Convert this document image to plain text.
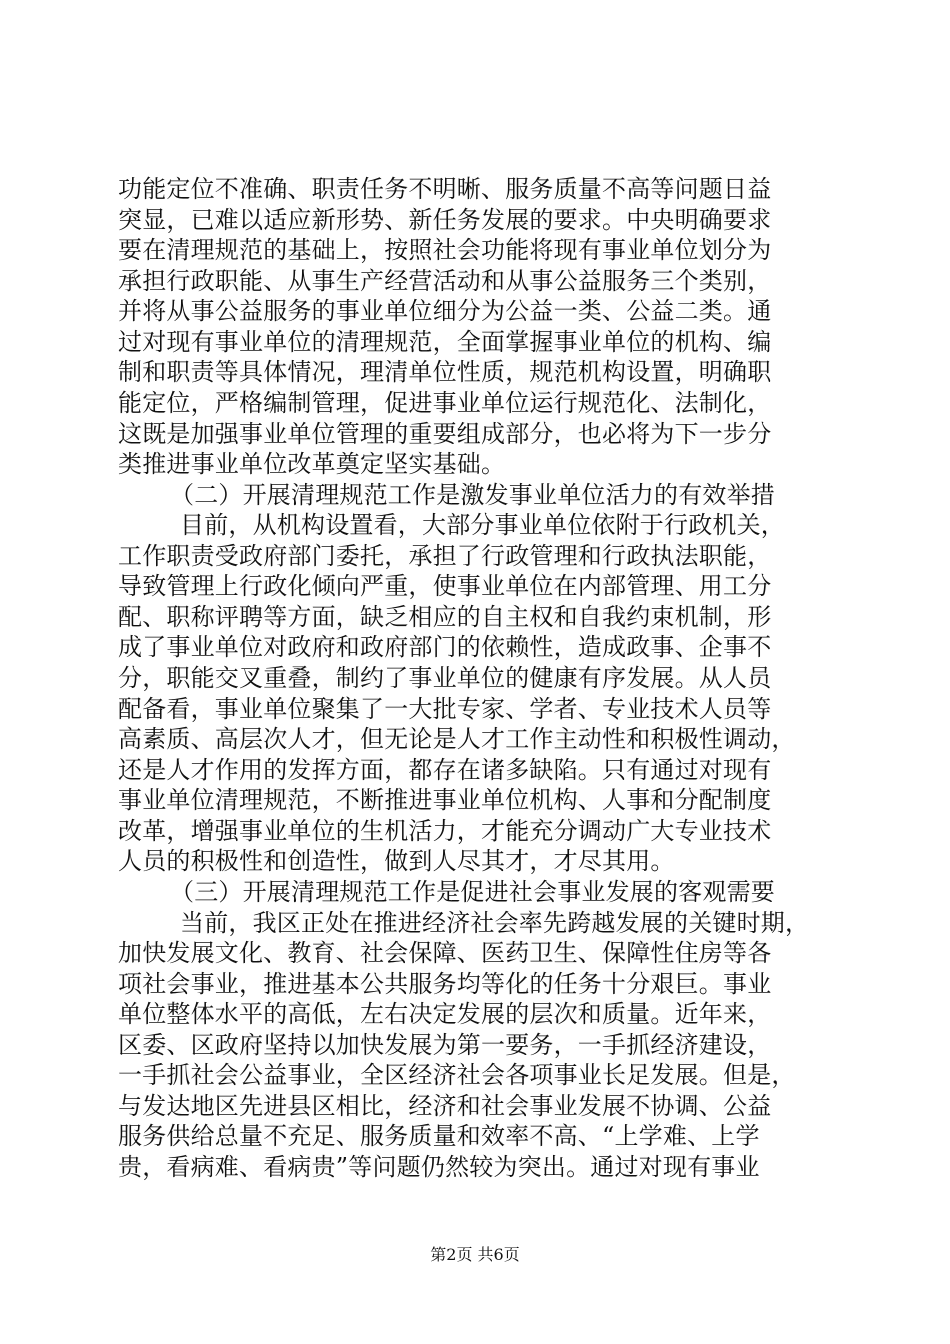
功能定位不准确、职责任务不明晰、服务质量不高等问题日益
突显，已难以适应新形势、新任务发展的要求。中央明确要求
要在清理规范的基础上，按照社会功能将现有事业单位划分为
承担行政职能、从事生产经营活动和从事公益服务三个类别，
并将从事公益服务的事业单位细分为公益一类、公益二类。通
过对现有事业单位的清理规范，全面掌握事业单位的机构、编
制和职责等具体情况，理清单位性质，规范机构设置，明确职
能定位，严格编制管理，促进事业单位运行规范化、法制化，
这既是加强事业单位管理的重要组成部分，也必将为下一步分
类推进事业单位改革奠定坚实基础。
（二）开展清理规范工作是激发事业单位活力的有效举措
目前，从机构设置看，大部分事业单位依附于行政机关，
工作职责受政府部门委托，承担了行政管理和行政执法职能，
导致管理上行政化倾向严重，使事业单位在内部管理、用工分
配、职称评聘等方面，缺乏相应的自主权和自我约束机制，形
成了事业单位对政府和政府部门的依赖性，造成政事、企事不
分，职能交叉重叠，制约了事业单位的健康有序发展。从人员
配备看，事业单位聚集了一大批专家、学者、专业技术人员等
高素质、高层次人才，但无论是人才工作主动性和积极性调动，
还是人才作用的发挥方面，都存在诸多缺陷。只有通过对现有
事业单位清理规范，不断推进事业单位机构、人事和分配制度
改革，增强事业单位的生机活力，才能充分调动广大专业技术
人员的积极性和创造性，做到人尽其才，才尽其用。
（三）开展清理规范工作是促进社会事业发展的客观需要
当前，我区正处在推进经济社会率先跨越发展的关键时期，
加快发展文化、教育、社会保障、医药卫生、保障性住房等各
项社会事业，推进基本公共服务均等化的任务十分艰巨。事业
单位整体水平的高低，左右决定发展的层次和质量。近年来，
区委、区政府坚持以加快发展为第一要务，一手抓经济建设，
一手抓社会公益事业，全区经济社会各项事业长足发展。但是，
与发达地区先进县区相比，经济和社会事业发展不协调、公益
服务供给总量不充足、服务质量和效率不高、“上学难、上学
贵，看病难、看病贵”等问题仍然较为突出。通过对现有事业
第2页 共6页
